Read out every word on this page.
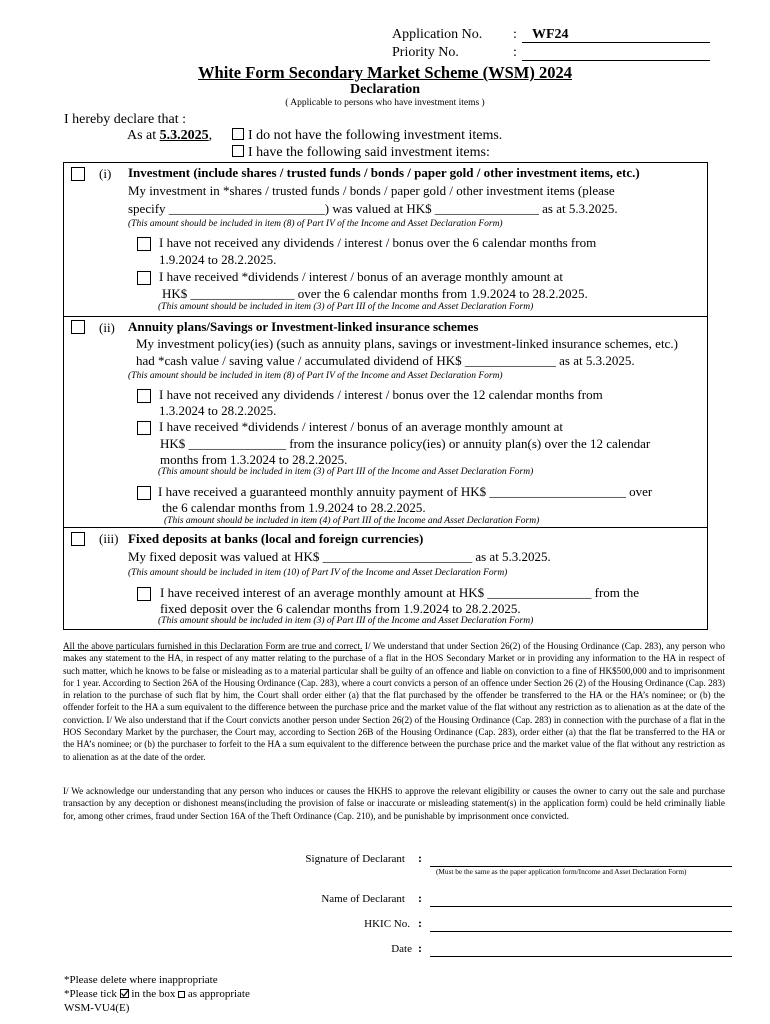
Application No. :	WF24
Priority No.	:
White Form Secondary Market Scheme (WSM) 2024
Declaration
( Applicable to persons who have investment items )
I hereby declare that :
As at 5.3.2025,	I do not have the following investment items.
I have the following said investment items:
(i) Investment (include shares / trusted funds / bonds / paper gold / other investment items, etc.)
My investment in *shares / trusted funds / bonds / paper gold / other investment items (please
specify ________________________) was valued at HK$ ________________ as at 5.3.2025.
(This amount should be included in item (8) of Part IV of the Income and Asset Declaration Form)
I have not received any dividends / interest / bonus over the 6 calendar months from
1.9.2024 to 28.2.2025.
I have received *dividends / interest / bonus of an average monthly amount at
HK$ ________________ over the 6 calendar months from 1.9.2024 to 28.2.2025.
(This amount should be included in item (3) of Part III of the Income and Asset Declaration Form)
(ii) Annuity plans/Savings or Investment-linked insurance schemes
My investment policy(ies) (such as annuity plans, savings or investment-linked insurance schemes, etc.)
had *cash value / saving value / accumulated dividend of HK$ ______________ as at 5.3.2025.
(This amount should be included in item (8) of Part IV of the Income and Asset Declaration Form)
I have not received any dividends / interest / bonus over the 12 calendar months from
1.3.2024 to 28.2.2025.
I have received *dividends / interest / bonus of an average monthly amount at
HK$ _______________ from the insurance policy(ies) or annuity plan(s) over the 12 calendar
months from 1.3.2024 to 28.2.2025.
(This amount should be included in item (3) of Part III of the Income and Asset Declaration Form)
I have received a guaranteed monthly annuity payment of HK$ _____________________ over
the 6 calendar months from 1.9.2024 to 28.2.2025.
(This amount should be included in item (4) of Part III of the Income and Asset Declaration Form)
(iii) Fixed deposits at banks (local and foreign currencies)
My fixed deposit was valued at HK$ _______________________ as at 5.3.2025.
(This amount should be included in item (10) of Part IV of the Income and Asset Declaration Form)
I have received interest of an average monthly amount at HK$ ________________ from the
fixed deposit over the 6 calendar months from 1.9.2024 to 28.2.2025.
(This amount should be included in item (3) of Part III of the Income and Asset Declaration Form)
All the above particulars furnished in this Declaration Form are true and correct. I/ We understand that under Section 26(2) of the Housing Ordinance (Cap. 283), any person who makes any statement to the HA, in respect of any matter relating to the purchase of a flat in the HOS Secondary Market or in providing any information to the HA in respect of such matter, which he knows to be false or misleading as to a material particular shall be guilty of an offence and liable on conviction to a fine of HK$500,000 and to imprisonment for 1 year. According to Section 26A of the Housing Ordinance (Cap. 283), where a court convicts a person of an offence under Section 26 (2) of the Housing Ordinance (Cap. 283) in relation to the purchase of such flat by him, the Court shall order either (a) that the flat purchased by the offender be transferred to the HA or the HA’s nominee; or (b) the offender forfeit to the HA a sum equivalent to the difference between the purchase price and the market value of the flat without any restriction as to alienation as at the date of the conviction. I/ We also understand that if the Court convicts another person under Section 26(2) of the Housing Ordinance (Cap. 283) in connection with the purchase of a flat in the HOS Secondary Market by the purchaser, the Court may, according to Section 26B of the Housing Ordinance (Cap. 283), order either (a) that the flat be transferred to the HA or the HA’s nominee; or (b) the purchaser to forfeit to the HA a sum equivalent to the difference between the purchase price and the market value of the flat without any restriction as to alienation as at the date of the order.
I/ We acknowledge our understanding that any person who induces or causes the HKHS to approve the relevant eligibility or causes the owner to carry out the sale and purchase transaction by any deception or dishonest means(including the provision of false or inaccurate or misleading statement(s) in the application form) could be held criminally liable for, among other crimes, fraud under Section 16A of the Theft Ordinance (Cap. 210), and be punishable by imprisonment once convicted.
Signature of Declarant :
(Must be the same as the paper application form/Income and Asset Declaration Form)
Name of Declarant :
HKIC No. :
Date :
*Please delete where inappropriate
*Please tick in the box as appropriate
WSM-VU4(E)
